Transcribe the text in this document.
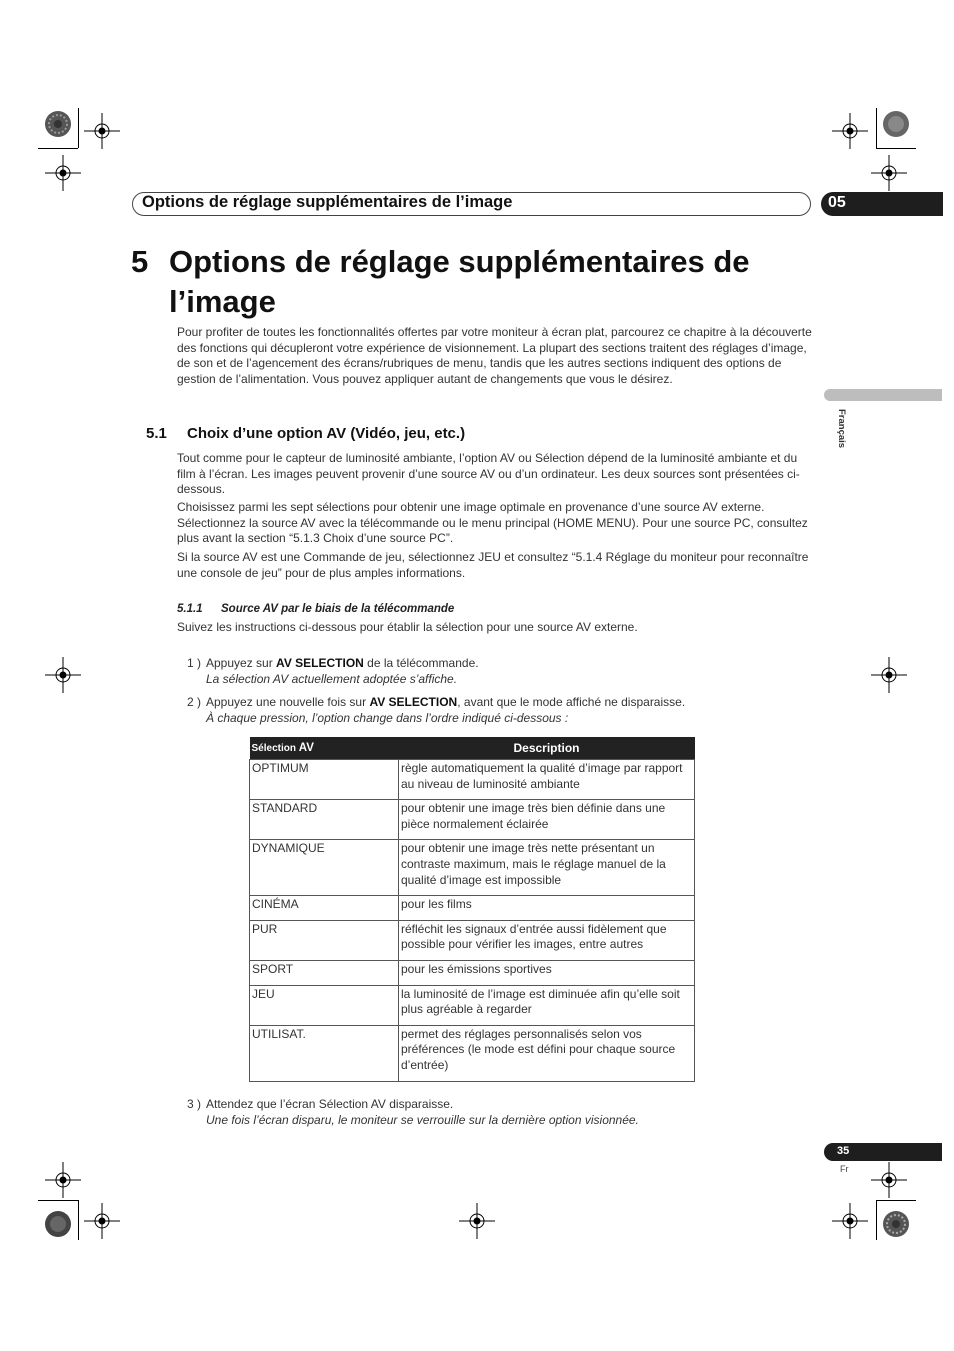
Options de réglage supplémentaires de l’image	05
Français
5 Options de réglage supplémentaires de
l’image

Pour profiter de toutes les fonctionnalités offertes par votre moniteur à écran plat, parcourez ce chapitre à la découverte des fonctions qui décupleront votre expérience de visionnement. La plupart des sections traitent des réglages d’image, de son et de l’agencement des écrans/rubriques de menu, tandis que les autres sections indiquent des options de gestion de l’alimentation. Vous pouvez appliquer autant de changements que vous le désirez.

5.1 Choix d’une option AV (Vidéo, jeu, etc.)

Tout comme pour le capteur de luminosité ambiante, l’option AV ou Sélection dépend de la luminosité ambiante et du film à l’écran. Les images peuvent provenir d’une source AV ou d’un ordinateur. Les deux sources sont présentées ci-dessous.

Choisissez parmi les sept sélections pour obtenir une image optimale en provenance d’une source AV externe. Sélectionnez la source AV avec la télécommande ou le menu principal (HOME MENU). Pour une source PC, consultez plus avant la section “5.1.3 Choix d’une source PC”.

Si la source AV est une Commande de jeu, sélectionnez JEU et consultez “5.1.4 Réglage du moniteur pour reconnaître une console de jeu” pour de plus amples informations.

5.1.1 Source AV par le biais de la télécommande

Suivez les instructions ci-dessous pour établir la sélection pour une source AV externe.

1 ) Appuyez sur AV SELECTION de la télécommande.
La sélection AV actuellement adoptée s’affiche.
2 ) Appuyez une nouvelle fois sur AV SELECTION, avant que le mode affiché ne disparaisse.
À chaque pression, l’option change dans l’ordre indiqué ci-dessous :
Sélection AV	Description
OPTIMUM	règle automatiquement la qualité d’image par rapport au niveau de luminosité ambiante
STANDARD	pour obtenir une image très bien définie dans une pièce normalement éclairée
DYNAMIQUE	pour obtenir une image très nette présentant un contraste maximum, mais le réglage manuel de la qualité d’image est impossible
CINÉMA	pour les films
PUR	réfléchit les signaux d’entrée aussi fidèlement que possible pour vérifier les images, entre autres
SPORT	pour les émissions sportives
JEU	la luminosité de l’image est diminuée afin qu’elle soit plus agréable à regarder
UTILISAT.	permet des réglages personnalisés selon vos préférences (le mode est défini pour chaque source d’entrée)
3 ) Attendez que l’écran Sélection AV disparaisse.
Une fois l’écran disparu, le moniteur se verrouille sur la dernière option visionnée.
35
Fr
